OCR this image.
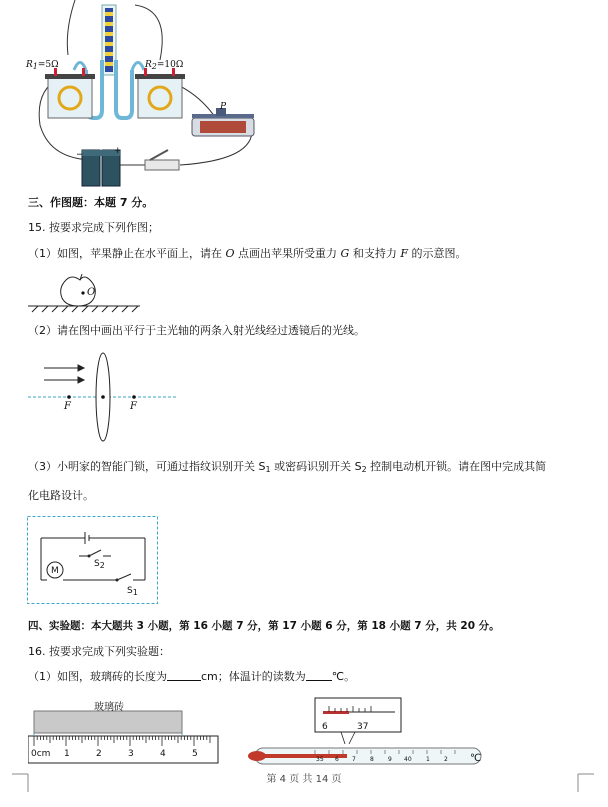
R1=5Ω	R2=10Ω
P
−	+
三、作图题：本题 7 分。
15. 按要求完成下列作图；
（1）如图，苹果静止在水平面上，请在 O 点画出苹果所受重力 G 和支持力 F 的示意图。
O
（2）请在图中画出平行于主光轴的两条入射光线经过透镜后的光线。
F	F
（3）小明家的智能门锁，可通过指纹识别开关 $S_1$ 或密码识别开关 $S_2$ 控制电动机开锁。请在图中完成其简
化电路设计。
M
S2
S1
四、实验题：本大题共 3 小题，第 16 小题 7 分，第 17 小题 6 分，第 18 小题 7 分，共 20 分。
16. 按要求完成下列实验题：
（1）如图，玻璃砖的长度为	cm；体温计的读数为 ℃。
玻璃砖
0cm 1	2	3	4	5
6	37
35 6 7 8 9 40 1 2 ℃
第 4 页 共 14 页
